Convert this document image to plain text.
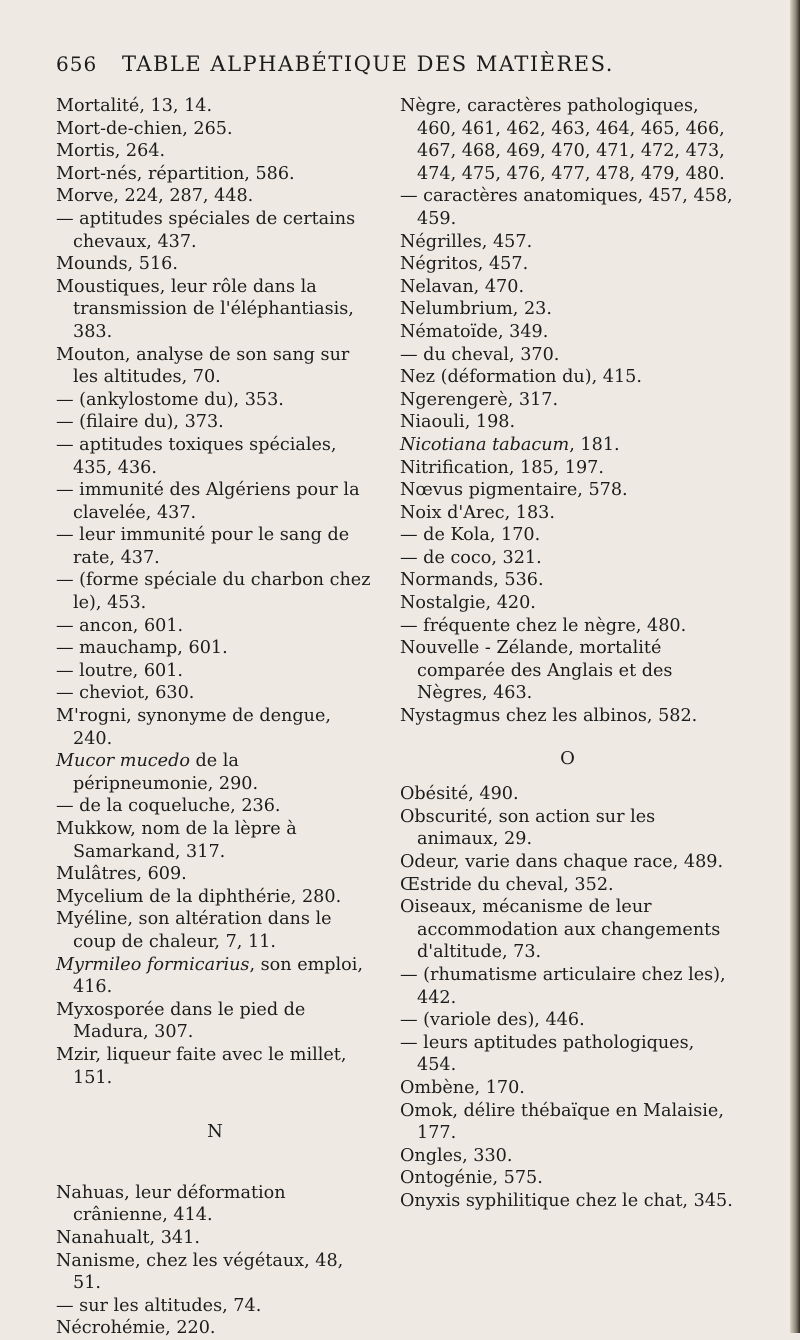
656 TABLE ALPHABÉTIQUE DES MATIÈRES.
Mortalité, 13, 14.
Mort-de-chien, 265.
Mortis, 264.
Mort-nés, répartition, 586.
Morve, 224, 287, 448.
— aptitudes spéciales de certains chevaux, 437.
Mounds, 516.
Moustiques, leur rôle dans la transmission de l'éléphantiasis, 383.
Mouton, analyse de son sang sur les altitudes, 70.
— (ankylostome du), 353.
— (filaire du), 373.
— aptitudes toxiques spéciales, 435, 436.
— immunité des Algériens pour la clavelée, 437.
— leur immunité pour le sang de rate, 437.
— (forme spéciale du charbon chez le), 453.
— ancon, 601.
— mauchamp, 601.
— loutre, 601.
— cheviot, 630.
M'rogni, synonyme de dengue, 240.
Mucor mucedo de la péripneumonie, 290.
— de la coqueluche, 236.
Mukkow, nom de la lèpre à Samarkand, 317.
Mulâtres, 609.
Mycelium de la diphthérie, 280.
Myéline, son altération dans le coup de chaleur, 7, 11.
Myrmileo formicarius, son emploi, 416.
Myxosporée dans le pied de Madura, 307.
Mzir, liqueur faite avec le millet, 151.
N
Nahuas, leur déformation crânienne, 414.
Nanahualt, 341.
Nanisme, chez les végétaux, 48, 51.
— sur les altitudes, 74.
Nécrohémie, 220.
Nègre, caractères pathologiques, 460, 461, 462, 463, 464, 465, 466, 467, 468, 469, 470, 471, 472, 473, 474, 475, 476, 477, 478, 479, 480.
— caractères anatomiques, 457, 458, 459.
Négrilles, 457.
Négritos, 457.
Nelavan, 470.
Nelumbrium, 23.
Nématoïde, 349.
— du cheval, 370.
Nez (déformation du), 415.
Ngerengerè, 317.
Niaouli, 198.
Nicotiana tabacum, 181.
Nitrification, 185, 197.
Nœvus pigmentaire, 578.
Noix d'Arec, 183.
— de Kola, 170.
— de coco, 321.
Normands, 536.
Nostalgie, 420.
— fréquente chez le nègre, 480.
Nouvelle - Zélande, mortalité comparée des Anglais et des Nègres, 463.
Nystagmus chez les albinos, 582.
O
Obésité, 490.
Obscurité, son action sur les animaux, 29.
Odeur, varie dans chaque race, 489.
Œstride du cheval, 352.
Oiseaux, mécanisme de leur accommodation aux changements d'altitude, 73.
— (rhumatisme articulaire chez les), 442.
— (variole des), 446.
— leurs aptitudes pathologiques, 454.
Ombène, 170.
Omok, délire thébaïque en Malaisie, 177.
Ongles, 330.
Ontogénie, 575.
Onyxis syphilitique chez le chat, 345.
